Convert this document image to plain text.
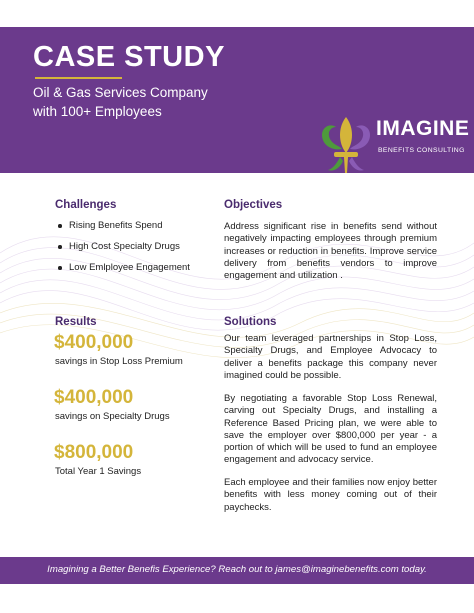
CASE STUDY
Oil & Gas Services Company
with 100+ Employees
IMAGINE
BENEFITS CONSULTING
Challenges
Rising Benefits Spend
High Cost Specialty Drugs
Low Emlployee Engagement
Objectives

Address significant rise in benefits send without negatively impacting employees through premium increases or reduction in benefits. Improve service delivery from benefits vendors to improve engagement and utilization .

Results
$400,000
savings in Stop Loss Premium
$400,000
savings on Specialty Drugs
$800,000
Total Year 1 Savings
Solutions

Our team leveraged partnerships in Stop Loss, Specialty Drugs, and Employee Advocacy to deliver a benefits package this company never imagined could be possible.

By negotiating a favorable Stop Loss Renewal, carving out Specialty Drugs, and installing a Reference Based Pricing plan, we were able to save the employer over $800,000 per year - a portion of which will be used to fund an employee engagement and advocacy service.

Each employee and their families now enjoy better benefits with less money coming out of their paychecks.

Imagining a Better Benefis Experience? Reach out to james@imaginebenefits.com today.
